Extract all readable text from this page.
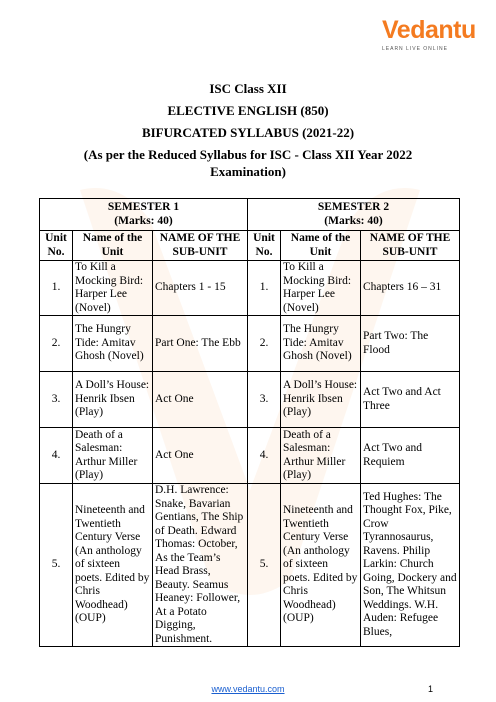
Vedantu
LEARN LIVE ONLINE
ISC Class XII
ELECTIVE ENGLISH (850)
BIFURCATED SYLLABUS (2021-22)
(As per the Reduced Syllabus for ISC - Class XII Year 2022 Examination)
SEMESTER 1
(Marks: 40)			SEMESTER 2
(Marks: 40)		
Unit No.	Name of the Unit	NAME OF THE SUB-UNIT	Unit No.	Name of the Unit	NAME OF THE SUB-UNIT
1.	To Kill a Mocking Bird: Harper Lee (Novel)	Chapters 1 - 15	1.	To Kill a Mocking Bird: Harper Lee (Novel)	Chapters 16 – 31
2.	The Hungry Tide: Amitav Ghosh (Novel)	Part One: The Ebb	2.	The Hungry Tide: Amitav Ghosh (Novel)	Part Two: The Flood
3.	A Doll’s House: Henrik Ibsen (Play)	Act One	3.	A Doll’s House: Henrik Ibsen (Play)	Act Two and Act Three
4.	Death of a Salesman: Arthur Miller (Play)	Act One	4.	Death of a Salesman: Arthur Miller (Play)	Act Two and Requiem
5.	Nineteenth and Twentieth Century Verse (An anthology of sixteen poets. Edited by Chris Woodhead) (OUP)	D.H. Lawrence: Snake, Bavarian Gentians, The Ship of Death. Edward Thomas: October, As the Team’s Head Brass, Beauty. Seamus Heaney: Follower, At a Potato Digging, Punishment.	5.	Nineteenth and Twentieth Century Verse (An anthology of sixteen poets. Edited by Chris Woodhead) (OUP)	Ted Hughes: The Thought Fox, Pike, Crow Tyrannosaurus, Ravens. Philip Larkin: Church Going, Dockery and Son, The Whitsun Weddings. W.H. Auden: Refugee Blues,
www.vedantu.com	1
